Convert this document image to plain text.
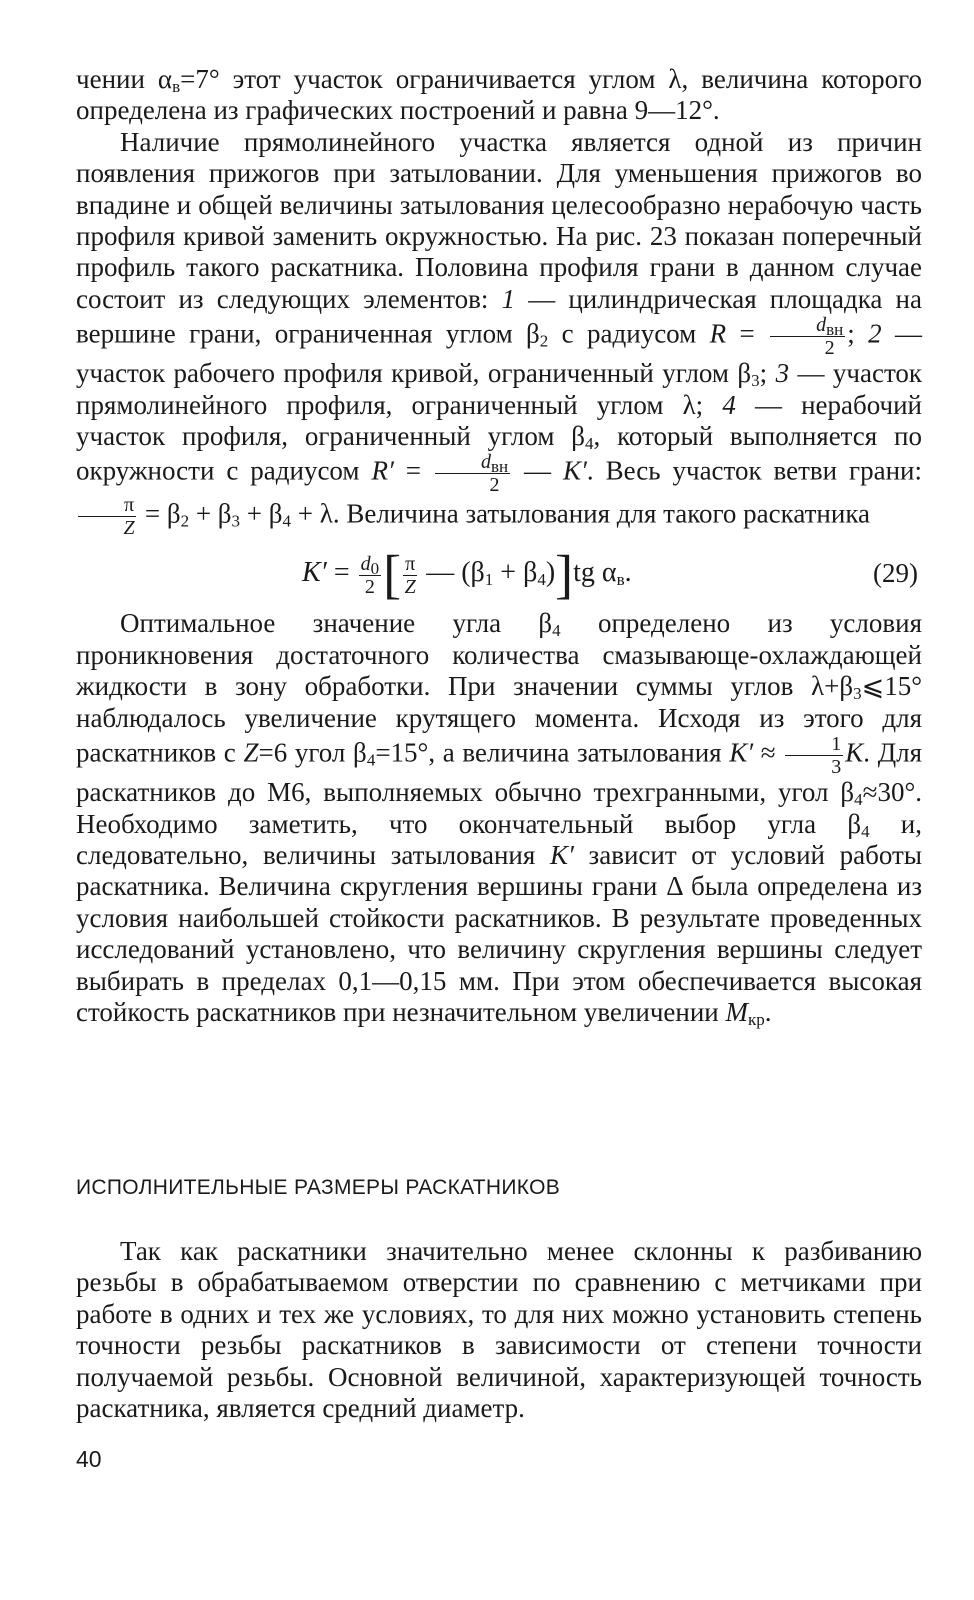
чении $\alpha_в=7^\circ$ этот участок ограничивается углом λ, величина которого определена из графических построений и равна 9—12°.

Наличие прямолинейного участка является одной из причин появления прижогов при затыловании. Для уменьшения прижогов во впадине и общей величины затылования целесообразно нерабочую часть профиля кривой заменить окружностью. На рис. 23 показан поперечный профиль такого раскатника. Половина профиля грани в данном случае состоит из следующих элементов: 1 — цилиндрическая площадка на вершине грани, ограниченная углом $\beta_2$ с радиусом $R = \frac{d_{вн}}{2}$ ; 2 — участок рабочего профиля кривой, ограниченный углом $\beta_3$; 3 — участок прямолинейного профиля, ограниченный углом λ; 4 — нерабочий участок профиля, ограниченный углом $\beta_4$, который выполняется по окружности с радиусом $R' = \frac{d_{вн}}{2}$ — K′. Весь участок ветви грани:
$\frac{\pi}{Z} = \beta_2 + \beta_3 + \beta_4 + \lambda$. Величина затылования для такого раскатника

$K' = \frac{d_0}{2}$ [ $\frac{\pi}{Z}$ — $(\beta_1 + \beta_4)]tg$ $\alpha_в$.	(29)

Оптимальное значение угла $\beta_4$ определено из условия проникновения достаточного количества смазывающе-охлаждающей жидкости в зону обработки. При значении суммы углов $\lambda+\beta_3⩽15^\circ$ наблюдалось увеличение крутящего момента. Исходя из этого для раскатников с Z=6 угол $\beta_4=15^\circ$, а величина затылования $K' \approx \frac{1}{3} K$. Для раскатников до М6, выполняемых обычно трехгранными, угол $\beta_4\approx 30^\circ$. Необходимо заметить, что окончательный выбор угла $\beta_4$ и, следовательно, величины затылования K′ зависит от условий работы раскатника. Величина скругления вершины грани Δ была определена из условия наибольшей стойкости раскатников. В результате проведенных исследований установлено, что величину скругления вершины следует выбирать в пределах 0,1—0,15 мм. При этом обеспечивается высокая стойкость раскатников при незначительном увеличении $M_{кр}$.

ИСПОЛНИТЕЛЬНЫЕ РАЗМЕРЫ РАСКАТНИКОВ

Так как раскатники значительно менее склонны к разбиванию резьбы в обрабатываемом отверстии по сравнению с метчиками при работе в одних и тех же условиях, то для них можно установить степень точности резьбы раскатников в зависимости от степени точности получаемой резьбы. Основной величиной, характеризующей точность раскатника, является средний диаметр.

40
